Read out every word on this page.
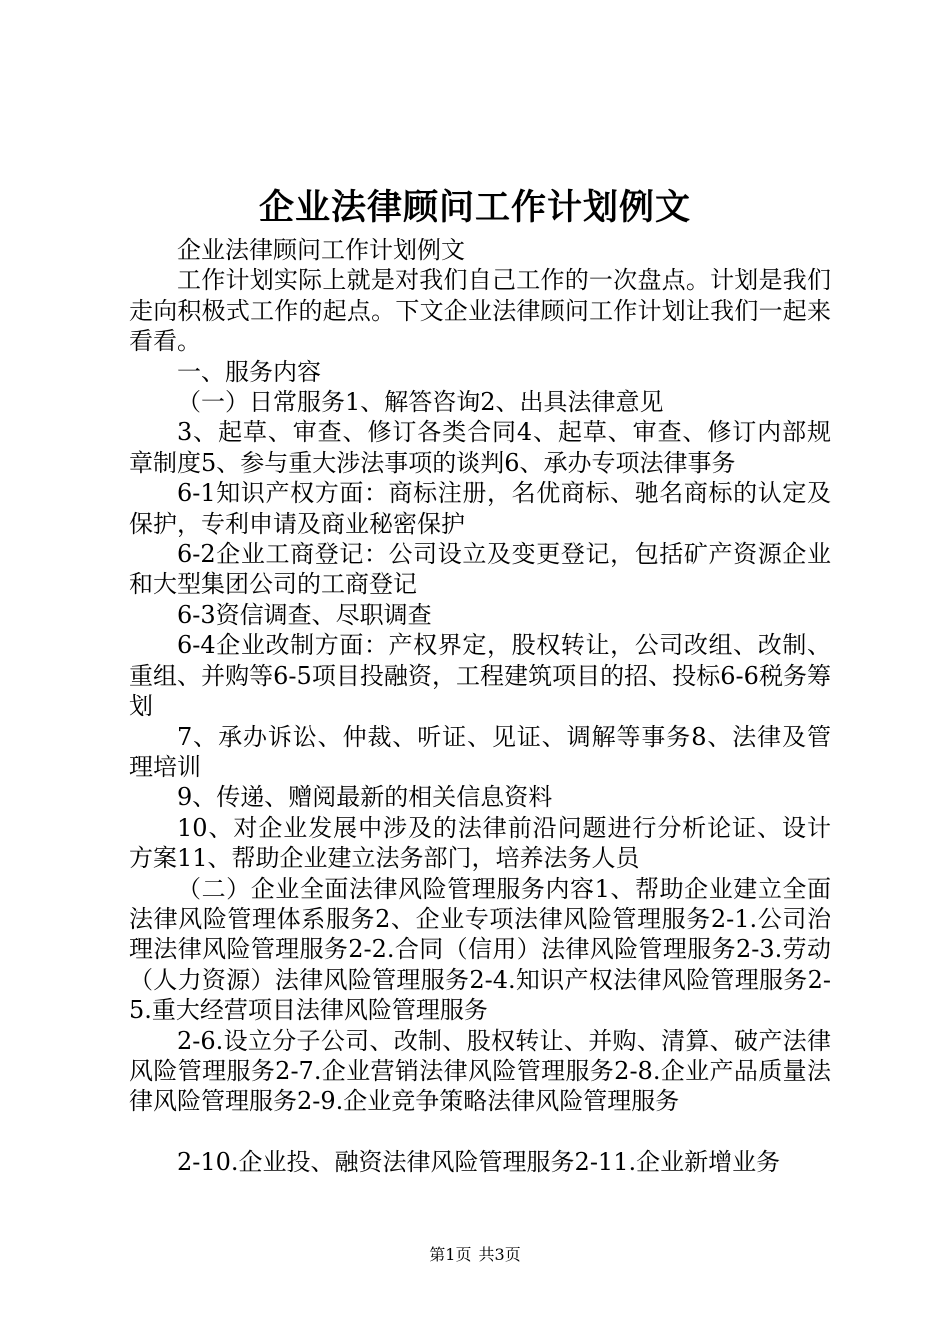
企业法律顾问工作计划例文

企业法律顾问工作计划例文

工作计划实际上就是对我们自己工作的一次盘点。计划是我们走向积极式工作的起点。下文企业法律顾问工作计划让我们一起来看看。

一、服务内容

（一）日常服务1、解答咨询2、出具法律意见

3、起草、审查、修订各类合同4、起草、审查、修订内部规章制度5、参与重大涉法事项的谈判6、承办专项法律事务

6-1知识产权方面：商标注册，名优商标、驰名商标的认定及保护，专利申请及商业秘密保护

6-2企业工商登记：公司设立及变更登记，包括矿产资源企业和大型集团公司的工商登记

6-3资信调查、尽职调查

6-4企业改制方面：产权界定，股权转让，公司改组、改制、重组、并购等6-5项目投融资，工程建筑项目的招、投标6-6税务筹划

7、承办诉讼、仲裁、听证、见证、调解等事务8、法律及管理培训

9、传递、赠阅最新的相关信息资料

10、对企业发展中涉及的法律前沿问题进行分析论证、设计方案11、帮助企业建立法务部门，培养法务人员

（二）企业全面法律风险管理服务内容1、帮助企业建立全面法律风险管理体系服务2、企业专项法律风险管理服务2-1.公司治理法律风险管理服务2-2.合同（信用）法律风险管理服务2-3.劳动（人力资源）法律风险管理服务2-4.知识产权法律风险管理服务2-5.重大经营项目法律风险管理服务

2-6.设立分子公司、改制、股权转让、并购、清算、破产法律风险管理服务2-7.企业营销法律风险管理服务2-8.企业产品质量法律风险管理服务2-9.企业竞争策略法律风险管理服务

2-10.企业投、融资法律风险管理服务2-11.企业新增业务

第1页 共3页
